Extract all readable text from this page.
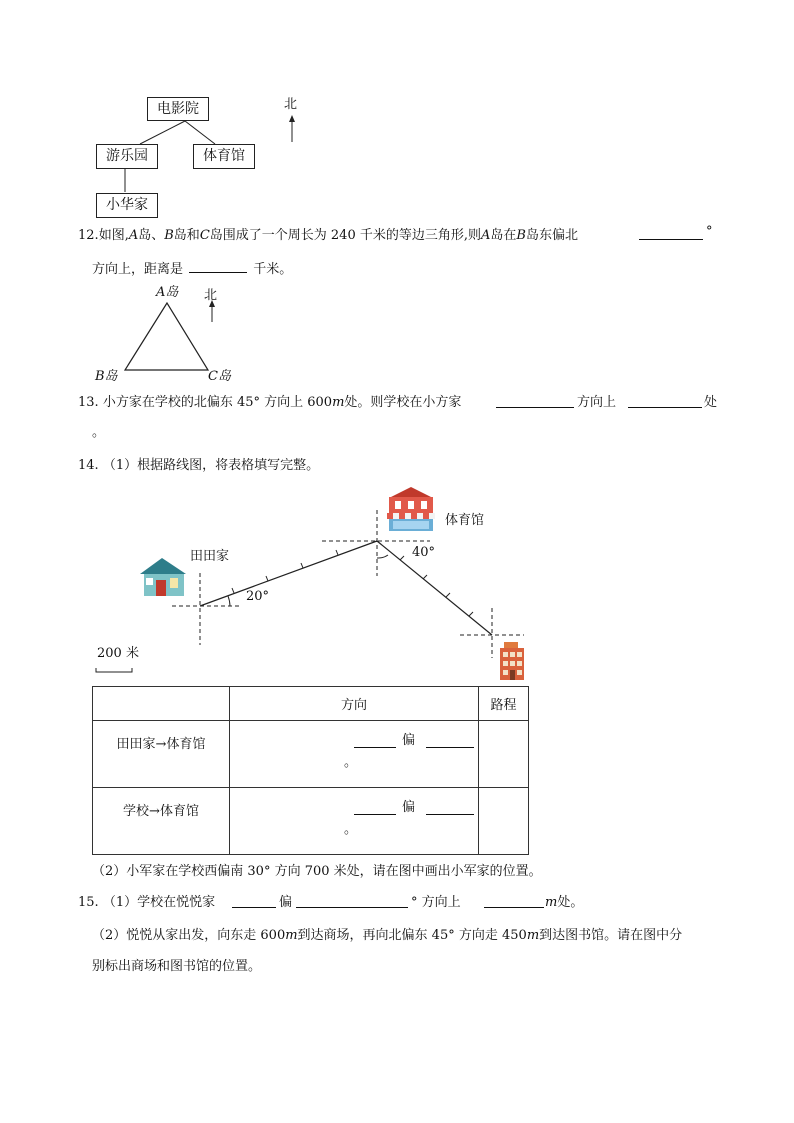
电影院
游乐园	体育馆
小华家
北
12.如图,A岛、B岛和C岛围成了一个周长为 240 千米的等边三角形,则A岛在B岛东偏北	°
方向上，距离是	千米。
A岛 北
B岛	C岛
13. 小方家在学校的北偏东 45° 方向上 600m处。则学校在小方家	方向上	处
。
14. （1）根据路线图，将表格填写完整。
体育馆
田田家
20°
40°
200 米
	方向	路程

田田家→体育馆	偏
。	

学校→体育馆	偏
。	

（2）小军家在学校西偏南 30° 方向 700 米处，请在图中画出小军家的位置。
15. （1）学校在悦悦家	偏	° 方向上	m处。
（2）悦悦从家出发，向东走 600m到达商场，再向北偏东 45° 方向走 450m到达图书馆。请在图中分
别标出商场和图书馆的位置。
